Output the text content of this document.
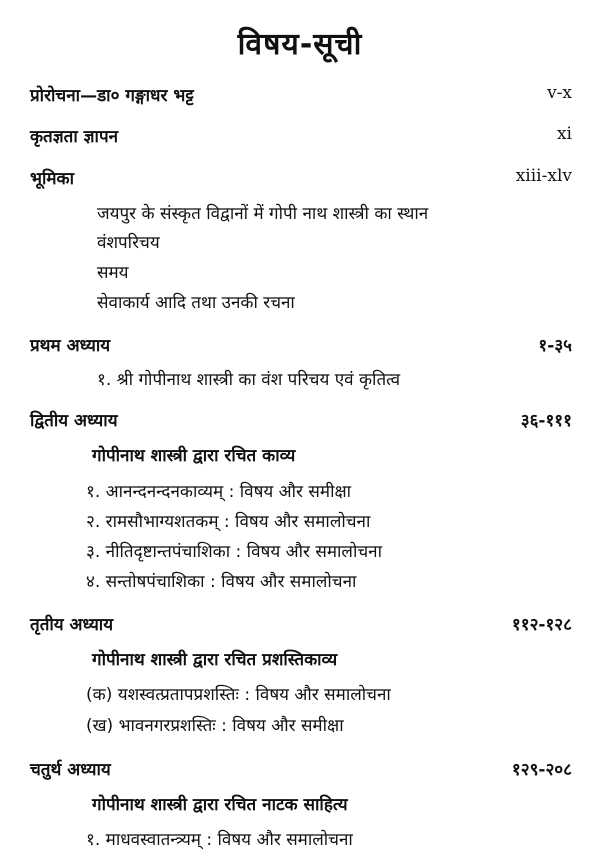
विषय-सूची
प्रोरोचना—डा० गङ्गाधर भट्ट	v-x
कृतज्ञता ज्ञापन	xi
भूमिका	xiii-xlv
जयपुर के संस्कृत विद्वानों में गोपी नाथ शास्त्री का स्थान
वंशपरिचय
समय
सेवाकार्य आदि तथा उनकी रचना
प्रथम अध्याय	१-३५
१. श्री गोपीनाथ शास्त्री का वंश परिचय एवं कृतित्व
द्वितीय अध्याय	३६-१११
गोपीनाथ शास्त्री द्वारा रचित काव्य
१. आनन्दनन्दनकाव्यम् : विषय और समीक्षा
२. रामसौभाग्यशतकम् : विषय और समालोचना
३. नीतिदृष्टान्तपंचाशिका : विषय और समालोचना
४. सन्तोषपंचाशिका : विषय और समालोचना
तृतीय अध्याय	११२-१२८
गोपीनाथ शास्त्री द्वारा रचित प्रशस्तिकाव्य
(क) यशस्वत्प्रतापप्रशस्तिः : विषय और समालोचना
(ख) भावनगरप्रशस्तिः : विषय और समीक्षा
चतुर्थ अध्याय	१२९-२०८
गोपीनाथ शास्त्री द्वारा रचित नाटक साहित्य
१. माधवस्वातन्त्र्यम् : विषय और समालोचना
